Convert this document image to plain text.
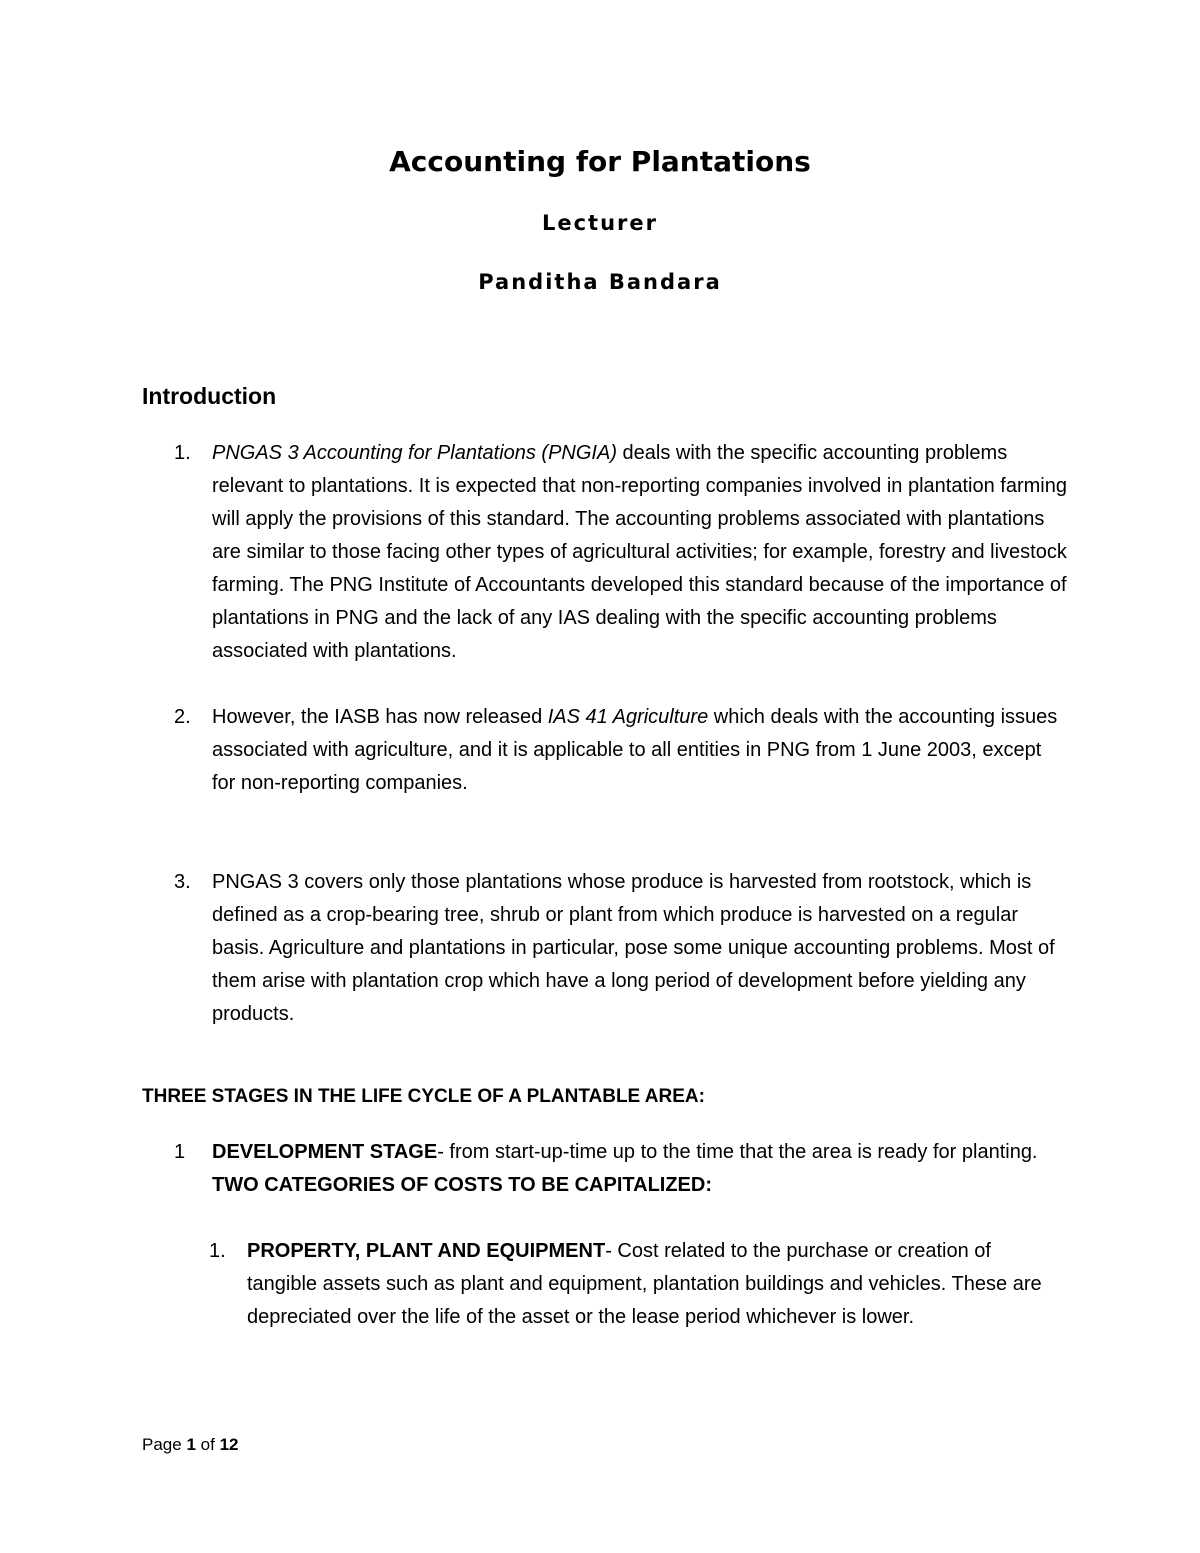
Accounting for Plantations

Lecturer

Panditha Bandara

Introduction

1. PNGAS 3 Accounting for Plantations (PNGIA) deals with the specific accounting problems relevant to plantations. It is expected that non-reporting companies involved in plantation farming will apply the provisions of this standard. The accounting problems associated with plantations are similar to those facing other types of agricultural activities; for example, forestry and livestock farming. The PNG Institute of Accountants developed this standard because of the importance of plantations in PNG and the lack of any IAS dealing with the specific accounting problems associated with plantations.

2. However, the IASB has now released IAS 41 Agriculture which deals with the accounting issues associated with agriculture, and it is applicable to all entities in PNG from 1 June 2003, except for non-reporting companies.

3. PNGAS 3 covers only those plantations whose produce is harvested from rootstock, which is defined as a crop-bearing tree, shrub or plant from which produce is harvested on a regular basis. Agriculture and plantations in particular, pose some unique accounting problems. Most of them arise with plantation crop which have a long period of development before yielding any products.

THREE STAGES IN THE LIFE CYCLE OF A PLANTABLE AREA:

1 DEVELOPMENT STAGE- from start-up-time up to the time that the area is ready for planting.
TWO CATEGORIES OF COSTS TO BE CAPITALIZED:

1. PROPERTY, PLANT AND EQUIPMENT- Cost related to the purchase or creation of tangible assets such as plant and equipment, plantation buildings and vehicles. These are depreciated over the life of the asset or the lease period whichever is lower.

Page 1 of 12
